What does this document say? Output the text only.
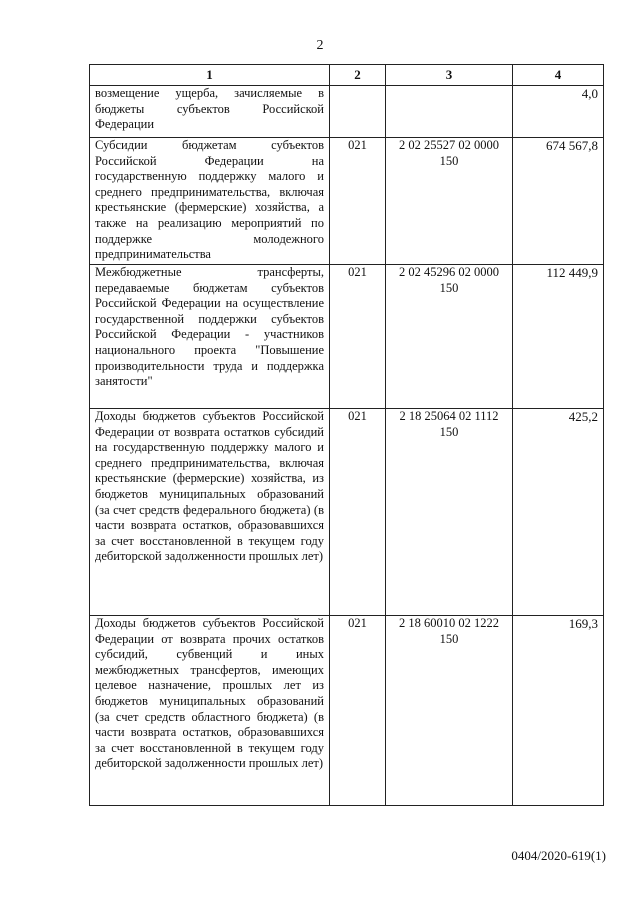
2
1	2	3	4

возмещение ущерба, зачисляемые в бюджеты субъектов Российской Федерации			4,0

Субсидии бюджетам субъектов Российской Федерации на государственную поддержку малого и среднего предпринимательства, включая крестьянские (фермерские) хозяйства, а также на реализацию мероприятий по поддержке молодежного предпринимательства	021	2 02 25527 02 0000 150	674 567,8

Межбюджетные трансферты, передаваемые бюджетам субъектов Российской Федерации на осуществление государственной поддержки субъектов Российской Федерации - участников национального проекта "Повышение производительности труда и поддержка занятости"	021	2 02 45296 02 0000 150	112 449,9

Доходы бюджетов субъектов Российской Федерации от возврата остатков субсидий на государственную поддержку малого и среднего предпринимательства, включая крестьянские (фермерские) хозяйства, из бюджетов муниципальных образований (за счет средств федерального бюджета) (в части возврата остатков, образовавшихся за счет восстановленной в текущем году дебиторской задолженности прошлых лет)	021	2 18 25064 02 1112 150	425,2

Доходы бюджетов субъектов Российской Федерации от возврата прочих остатков субсидий, субвенций и иных межбюджетных трансфертов, имеющих целевое назначение, прошлых лет из бюджетов муниципальных образований (за счет средств областного бюджета) (в части возврата остатков, образовавшихся за счет восстановленной в текущем году дебиторской задолженности прошлых лет)	021	2 18 60010 02 1222 150	169,3
0404/2020-619(1)
